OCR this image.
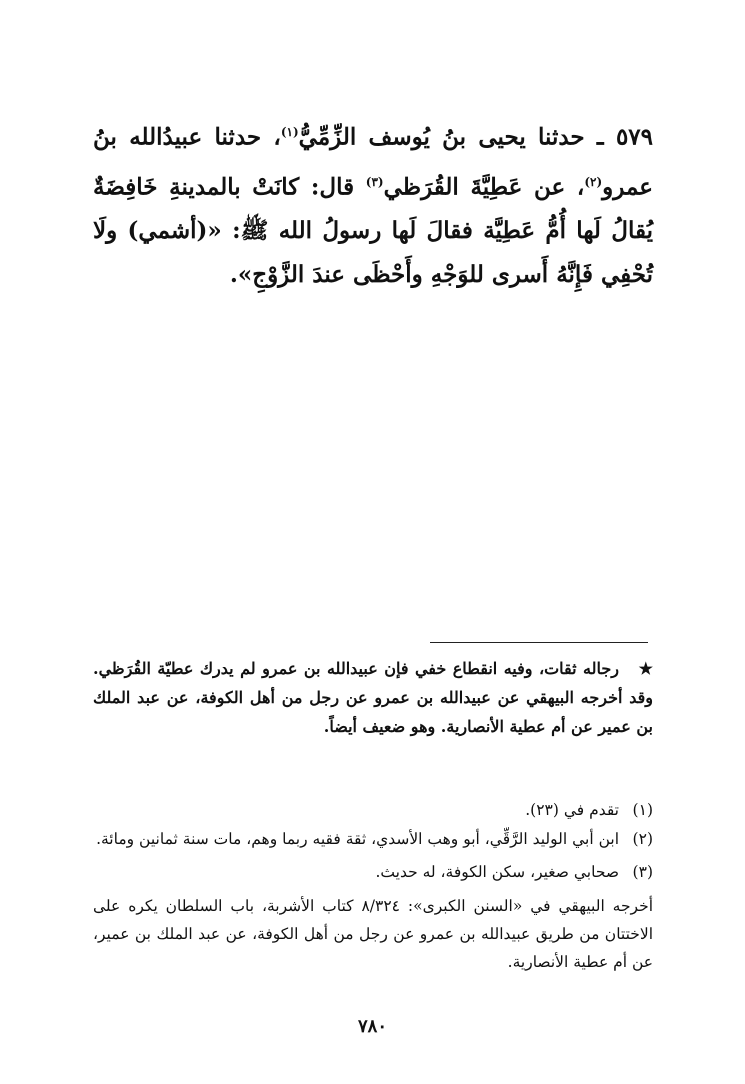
٥٧٩ ـ حدثنا يحيى بنُ يُوسف الزِّمِّيُّ$^{(١)}$، حدثنا عبيدُالله بنُ عمرو$^{(٢)}$، عن عَطِيَّةَ القُرَظي$^{(٣)}$ قال: كانَتْ بالمدينةِ خَافِضَةٌ يُقالُ لَها أُمُّ عَطِيَّة فقالَ لَها رسولُ الله ﷺ: «(أشمي) ولَا تُحْفِي فَإِنَّهُ أَسرى للوَجْهِ وأَحْظَى عندَ الزَّوْجِ».

★رجاله ثقات، وفيه انقطاع خفي فإن عبيدالله بن عمرو لم يدرك عطيّة القُرَظي. وقد أخرجه البيهقي عن عبيدالله بن عمرو عن رجل من أهل الكوفة، عن عبد الملك بن عمير عن أم عطية الأنصارية. وهو ضعيف أيضاً.
(١)تقدم في (٢٣).
(٢)ابن أبي الوليد الرَّقِّي، أبو وهب الأسدي، ثقة فقيه ربما وهم، مات سنة ثمانين ومائة.
(٣)صحابي صغير، سكن الكوفة، له حديث.
أخرجه البيهقي في «السنن الكبرى»: ٨/٣٢٤ كتاب الأشربة، باب السلطان يكره على الاختتان من طريق عبيدالله بن عمرو عن رجل من أهل الكوفة، عن عبد الملك بن عمير، عن أم عطية الأنصارية.
٧٨٠
